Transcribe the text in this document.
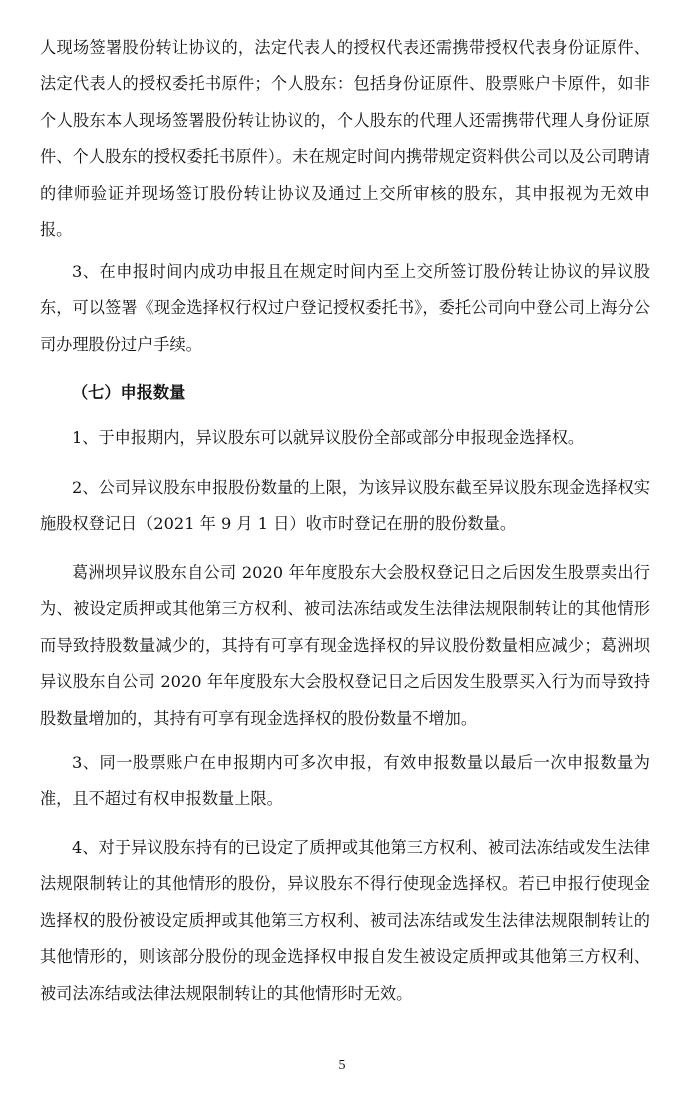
人现场签署股份转让协议的，法定代表人的授权代表还需携带授权代表身份证原件、法定代表人的授权委托书原件；个人股东：包括身份证原件、股票账户卡原件，如非个人股东本人现场签署股份转让协议的，个人股东的代理人还需携带代理人身份证原件、个人股东的授权委托书原件）。未在规定时间内携带规定资料供公司以及公司聘请的律师验证并现场签订股份转让协议及通过上交所审核的股东，其申报视为无效申报。

3、在申报时间内成功申报且在规定时间内至上交所签订股份转让协议的异议股东，可以签署《现金选择权行权过户登记授权委托书》，委托公司向中登公司上海分公司办理股份过户手续。

（七）申报数量

1、于申报期内，异议股东可以就异议股份全部或部分申报现金选择权。

2、公司异议股东申报股份数量的上限，为该异议股东截至异议股东现金选择权实施股权登记日（2021 年 9 月 1 日）收市时登记在册的股份数量。

葛洲坝异议股东自公司 2020 年年度股东大会股权登记日之后因发生股票卖出行为、被设定质押或其他第三方权利、被司法冻结或发生法律法规限制转让的其他情形而导致持股数量减少的，其持有可享有现金选择权的异议股份数量相应减少；葛洲坝异议股东自公司 2020 年年度股东大会股权登记日之后因发生股票买入行为而导致持股数量增加的，其持有可享有现金选择权的股份数量不增加。

3、同一股票账户在申报期内可多次申报，有效申报数量以最后一次申报数量为准，且不超过有权申报数量上限。

4、对于异议股东持有的已设定了质押或其他第三方权利、被司法冻结或发生法律法规限制转让的其他情形的股份，异议股东不得行使现金选择权。若已申报行使现金选择权的股份被设定质押或其他第三方权利、被司法冻结或发生法律法规限制转让的其他情形的，则该部分股份的现金选择权申报自发生被设定质押或其他第三方权利、被司法冻结或法律法规限制转让的其他情形时无效。

5
